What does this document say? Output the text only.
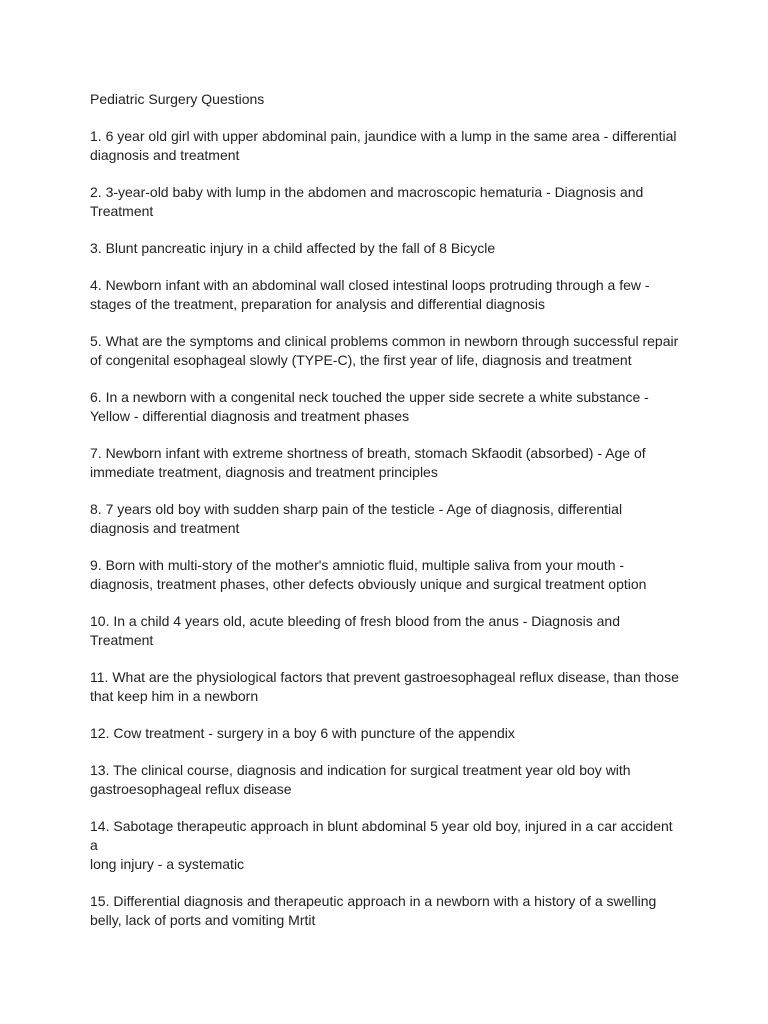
Pediatric Surgery Questions
1. 6 year old girl with upper abdominal pain, jaundice with a lump in the same area - differential
diagnosis and treatment
2. 3-year-old baby with lump in the abdomen and macroscopic hematuria - Diagnosis and
Treatment
3. Blunt pancreatic injury in a child affected by the fall of 8 Bicycle
4. Newborn infant with an abdominal wall closed intestinal loops protruding through a few -
stages of the treatment, preparation for analysis and differential diagnosis
5. What are the symptoms and clinical problems common in newborn through successful repair
of congenital esophageal slowly (TYPE-C), the first year of life, diagnosis and treatment
6. In a newborn with a congenital neck touched the upper side secrete a white substance -
Yellow - differential diagnosis and treatment phases
7. Newborn infant with extreme shortness of breath, stomach Skfaodit (absorbed) - Age of
immediate treatment, diagnosis and treatment principles
8. 7 years old boy with sudden sharp pain of the testicle - Age of diagnosis, differential
diagnosis and treatment
9. Born with multi-story of the mother's amniotic fluid, multiple saliva from your mouth -
diagnosis, treatment phases, other defects obviously unique and surgical treatment option
10. In a child 4 years old, acute bleeding of fresh blood from the anus - Diagnosis and
Treatment
11. What are the physiological factors that prevent gastroesophageal reflux disease, than those
that keep him in a newborn
12. Cow treatment - surgery in a boy 6 with puncture of the appendix
13. The clinical course, diagnosis and indication for surgical treatment year old boy with
gastroesophageal reflux disease
14. Sabotage therapeutic approach in blunt abdominal 5 year old boy, injured in a car accident a
long injury - a systematic
15. Differential diagnosis and therapeutic approach in a newborn with a history of a swelling
belly, lack of ports and vomiting Mrtit
